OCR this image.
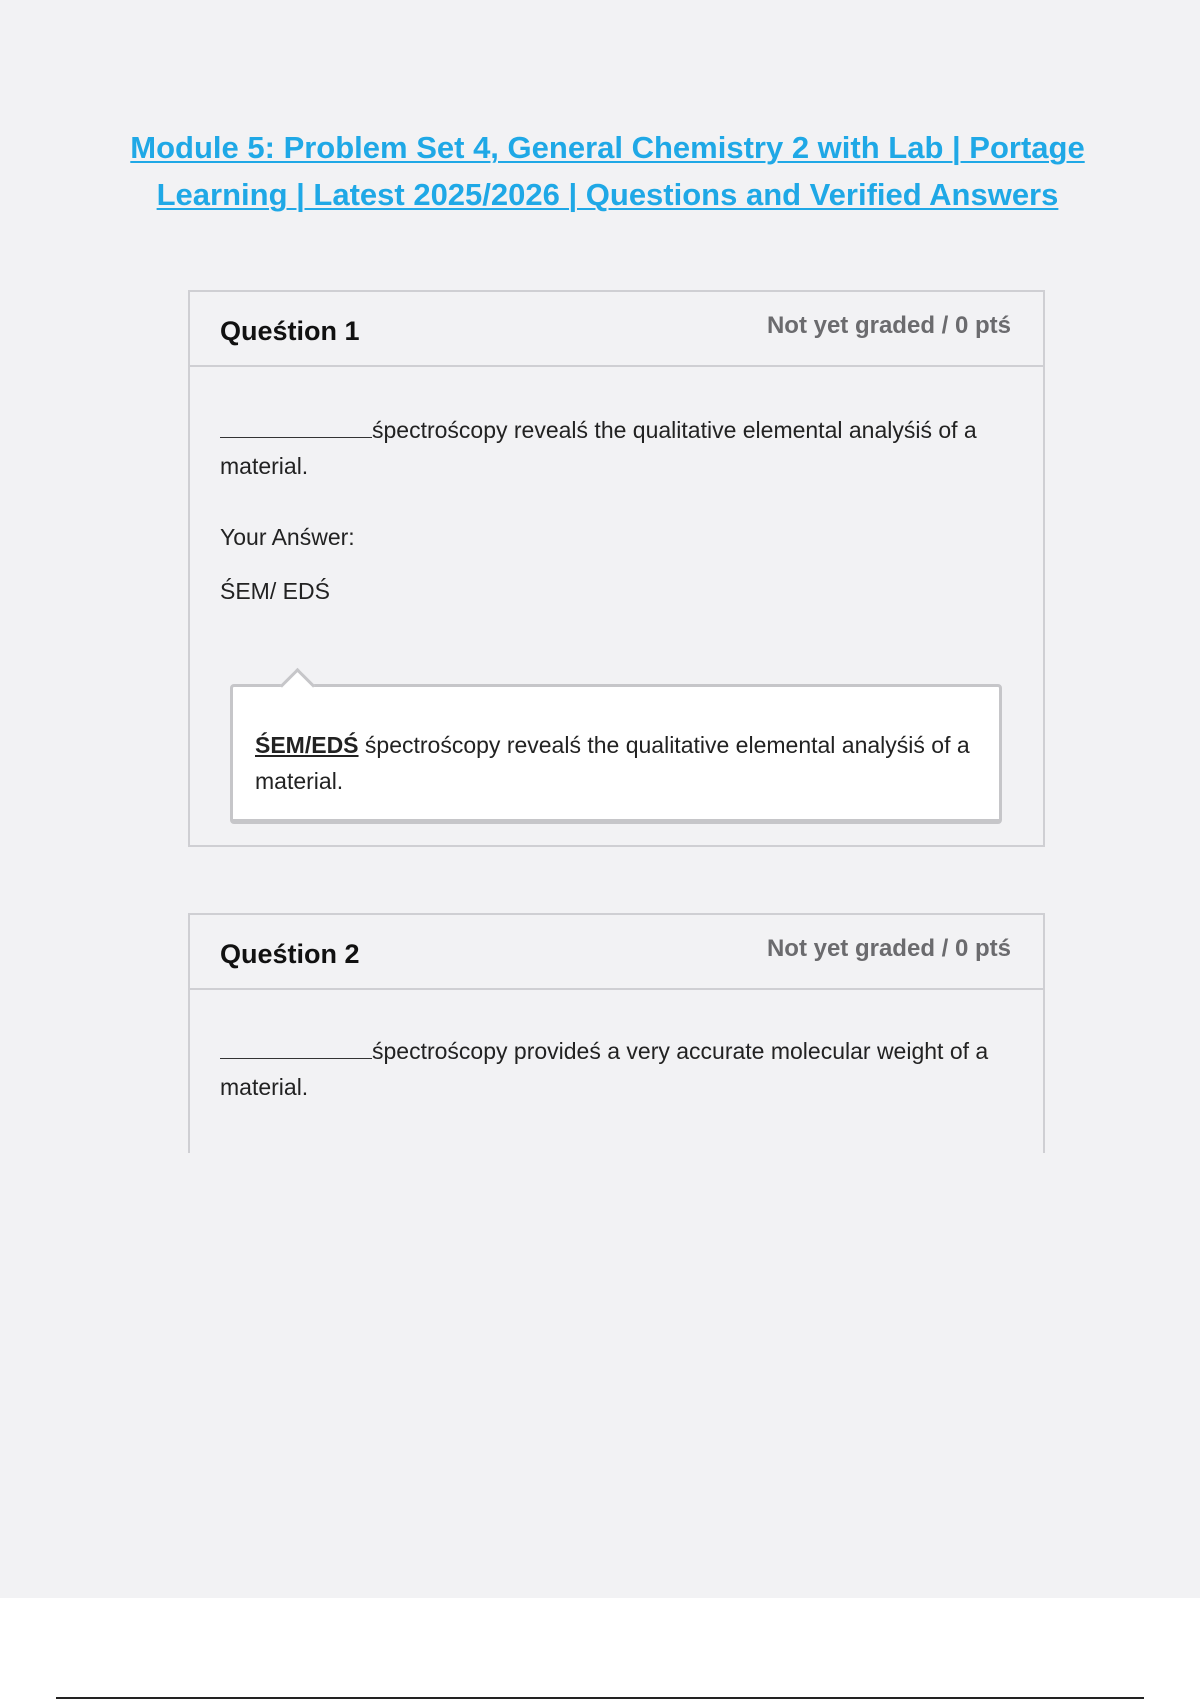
Module 5: Problem Set 4, General Chemistry 2 with Lab | Portage
Learning | Latest 2025/2026 | Questions and Verified Answers
Queśtion 1	Not yet graded / 0 ptś

śpectroścopy revealś the qualitative elemental analyśiś of a material.

Your Anśwer:
ŚEM/ EDŚ

ŚEM/EDŚ śpectroścopy revealś the qualitative elemental analyśiś of a material.

Queśtion 2	Not yet graded / 0 ptś

śpectroścopy provideś a very accurate molecular weight of a material.
